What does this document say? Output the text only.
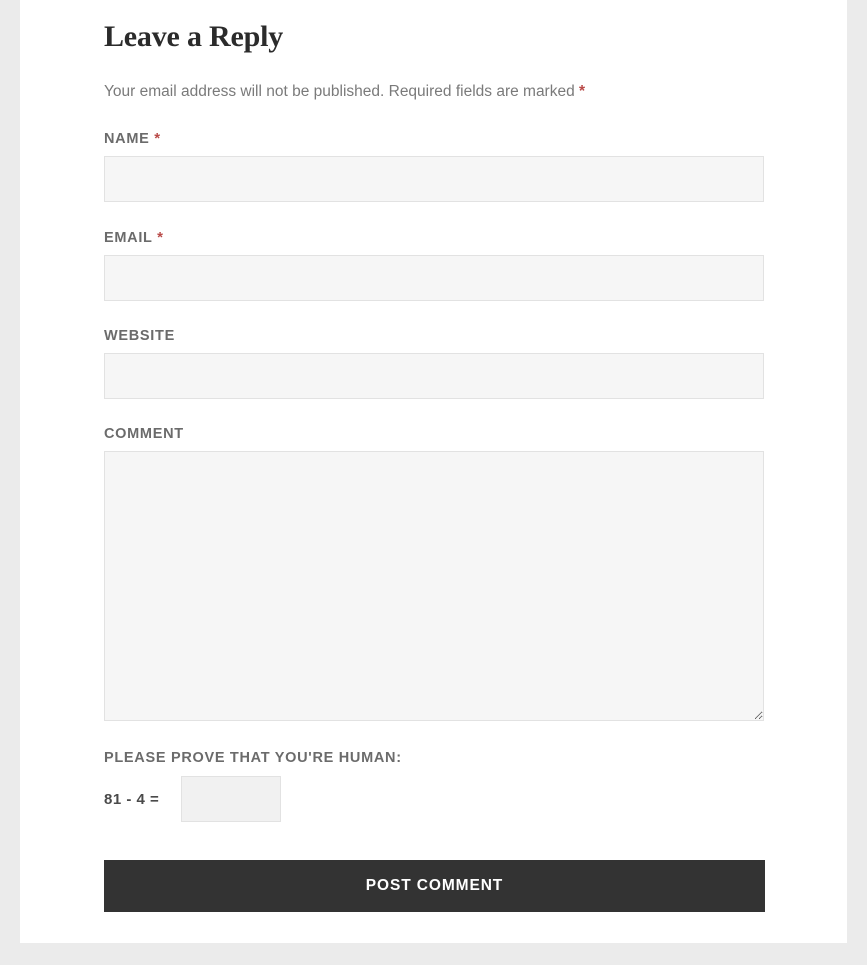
Leave a Reply

Your email address will not be published. Required fields are marked *

NAME *
EMAIL *
WEBSITE
COMMENT
PLEASE PROVE THAT YOU'RE HUMAN:
81 - 4 =
POST COMMENT
